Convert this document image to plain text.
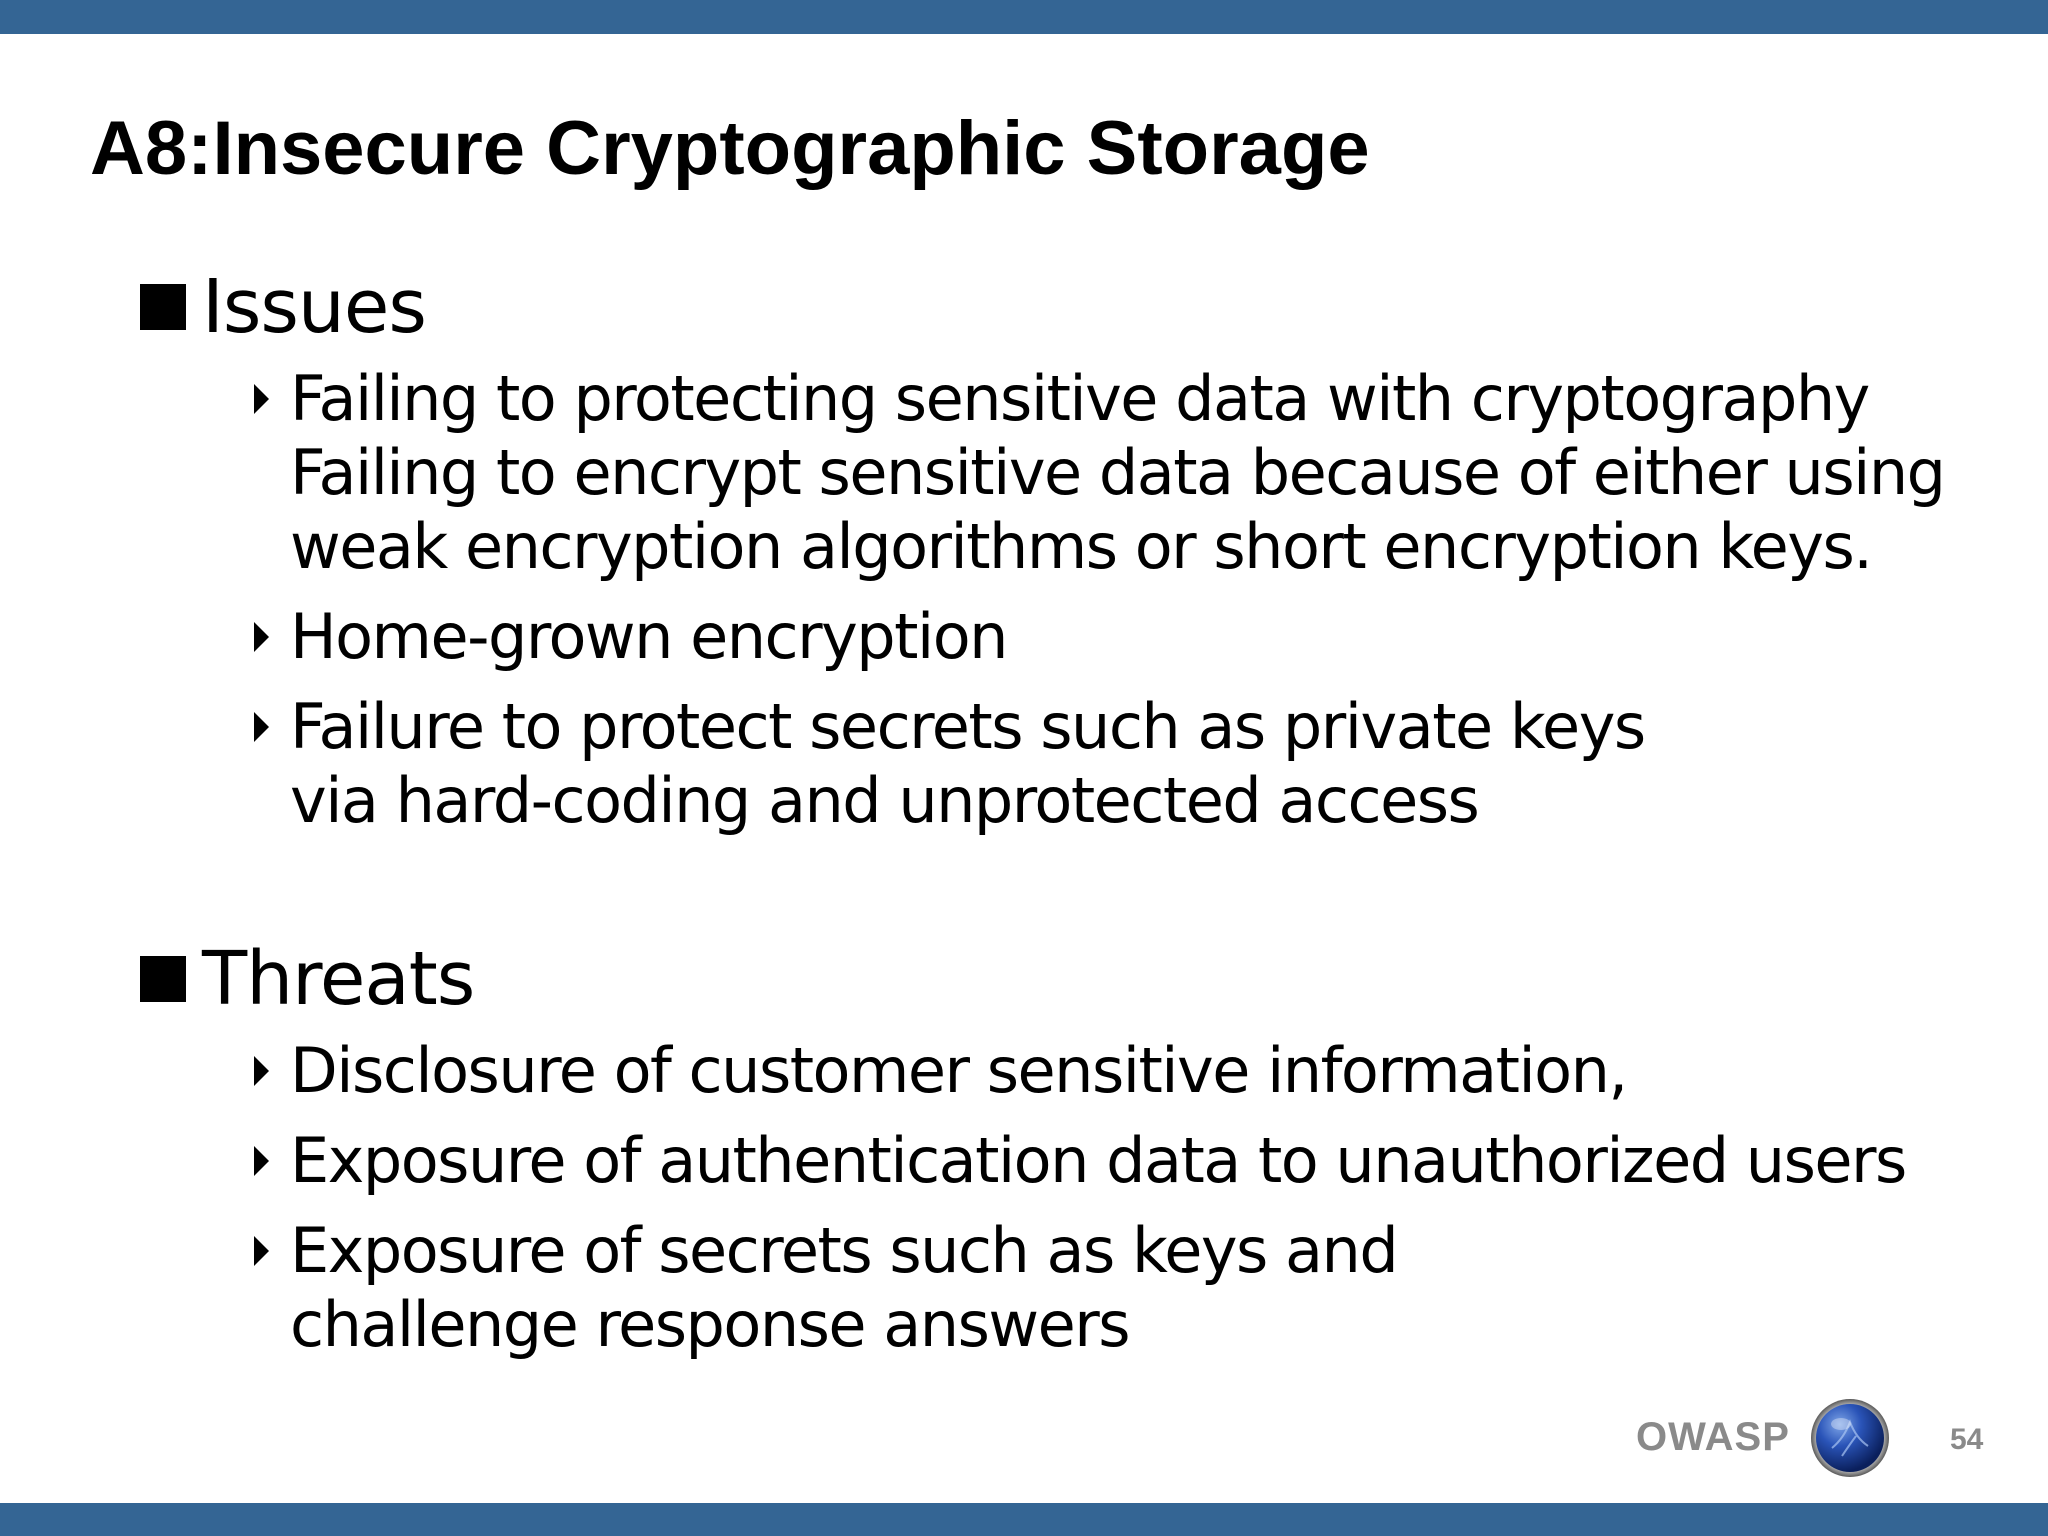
A8:Insecure Cryptographic Storage
Issues
Failing to protecting sensitive data with cryptography Failing to encrypt sensitive data because of either using weak encryption algorithms or short encryption keys.
Home-grown encryption
Failure to protect secrets such as private keys via hard-coding and unprotected access
Threats
Disclosure of customer sensitive information,
Exposure of authentication data to unauthorized users
Exposure of secrets such as keys and challenge response answers
OWASP	54
